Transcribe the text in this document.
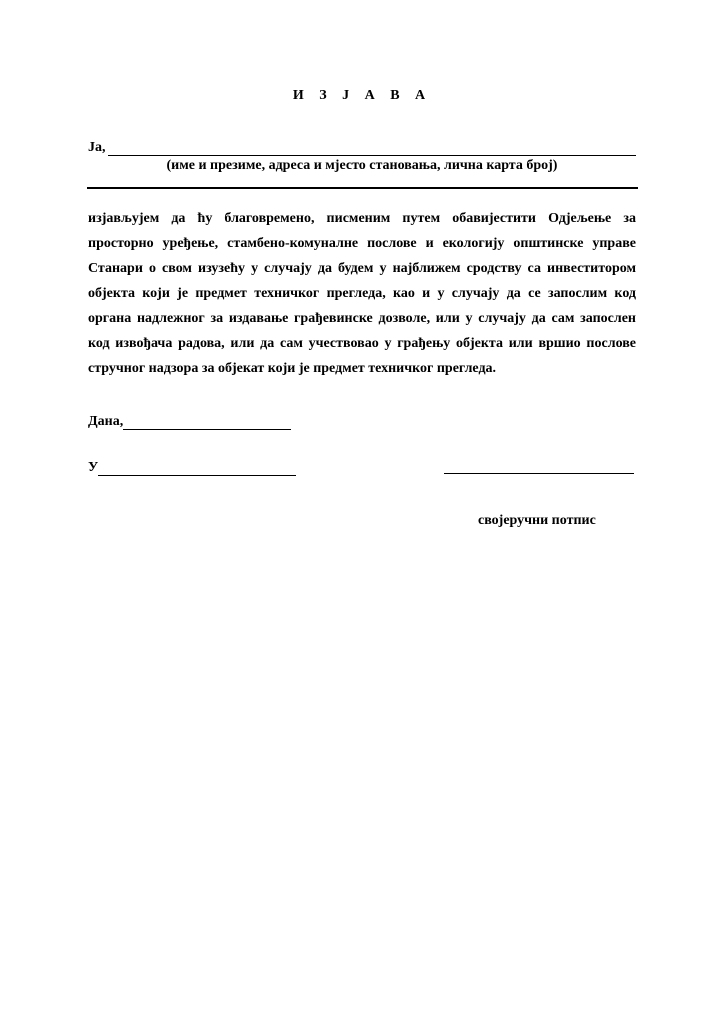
И З Ј А В А
Ја,
(име и презиме, адреса и мјесто становања, лична карта број)
изјављујем да ћу благовремено, писменим путем обавијестити Одјељење за
просторно уређење, стамбено-комуналне послове и екологију општинске управе
Станари о свом изузећу у случају да будем у најближем сродству са инвеститором
објекта који је предмет техничког прегледа, као и у случају да се запослим код
органа надлежног за издавање грађевинске дозволе, или у случају да сам запослен
код извођача радова, или да сам учествовао у грађењу објекта или вршио послове
стручног надзора за објекат који је предмет техничког прегледа.
Дана,
У
својеручни потпис
